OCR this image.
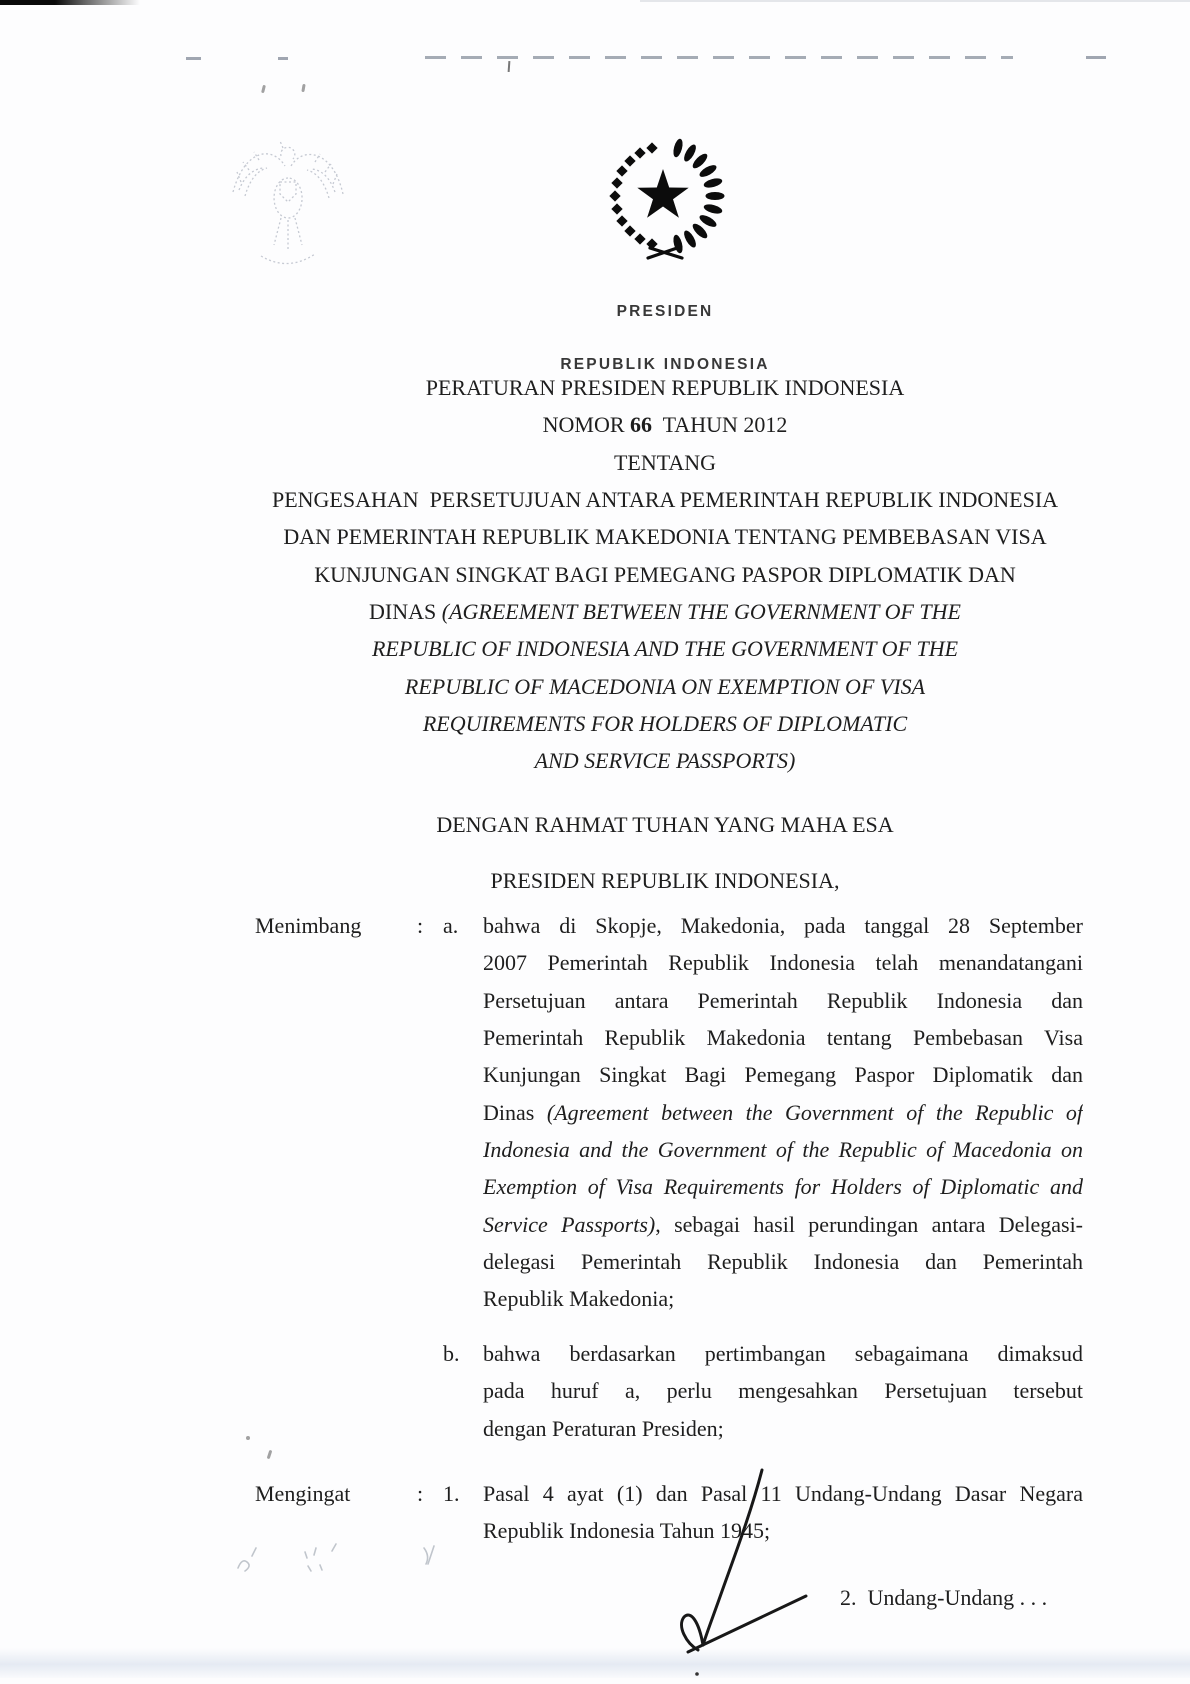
PRESIDEN

REPUBLIK INDONESIA

PERATURAN PRESIDEN REPUBLIK INDONESIA
NOMOR 66  TAHUN 2012
TENTANG
PENGESAHAN  PERSETUJUAN ANTARA PEMERINTAH REPUBLIK INDONESIA
DAN PEMERINTAH REPUBLIK MAKEDONIA TENTANG PEMBEBASAN VISA
KUNJUNGAN SINGKAT BAGI PEMEGANG PASPOR DIPLOMATIK DAN
DINAS (AGREEMENT BETWEEN THE GOVERNMENT OF THE
REPUBLIC OF INDONESIA AND THE GOVERNMENT OF THE
REPUBLIC OF MACEDONIA ON EXEMPTION OF VISA
REQUIREMENTS FOR HOLDERS OF DIPLOMATIC
AND SERVICE PASSPORTS)
DENGAN RAHMAT TUHAN YANG MAHA ESA
PRESIDEN REPUBLIK INDONESIA,
Menimbang	: a. bahwa di Skopje, Makedonia, pada tanggal 28 September
2007 Pemerintah Republik Indonesia telah menandatangani
Persetujuan antara Pemerintah Republik Indonesia dan
Pemerintah Republik Makedonia tentang Pembebasan Visa
Kunjungan Singkat Bagi Pemegang Paspor Diplomatik dan
Dinas (Agreement between the Government of the Republic of
Indonesia and the Government of the Republic of Macedonia on
Exemption of Visa Requirements for Holders of Diplomatic and
Service Passports), sebagai hasil perundingan antara Delegasi-
delegasi Pemerintah Republik Indonesia dan Pemerintah
Republik Makedonia;
b. bahwa berdasarkan pertimbangan sebagaimana dimaksud
pada huruf a, perlu mengesahkan Persetujuan tersebut
dengan Peraturan Presiden;
Mengingat	: 1. Pasal 4 ayat (1) dan Pasal 11 Undang-Undang Dasar Negara
Republik Indonesia Tahun 1945;
2.  Undang-Undang . . .
